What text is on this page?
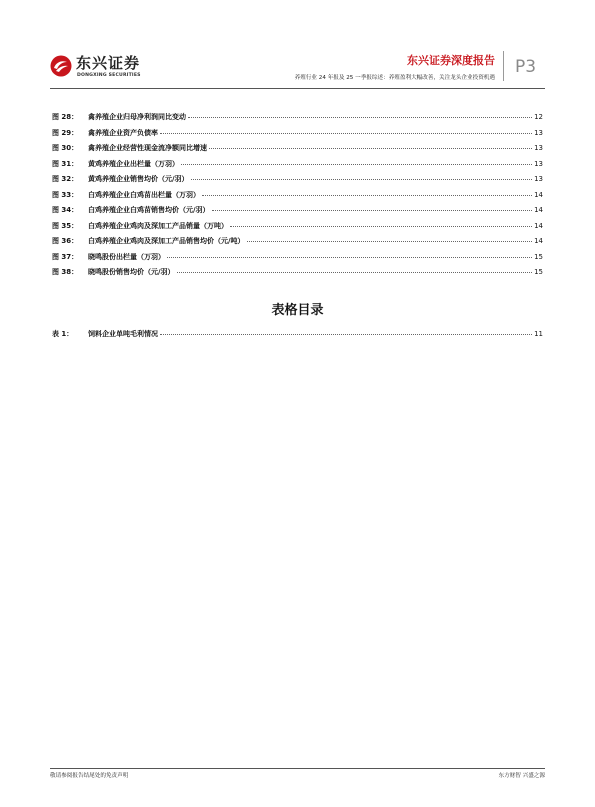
东兴证券
DONGXING SECURITIES
东兴证券深度报告 P3
养殖行业 24 年报及 25 一季报综述：养殖盈利大幅改善，关注龙头企业投资机遇
图 28：	禽养殖企业归母净利润同比变动	12
图 29：	禽养殖企业资产负债率	13
图 30：	禽养殖企业经营性现金流净额同比增速	13
图 31：	黄鸡养殖企业出栏量（万羽）	13
图 32：	黄鸡养殖企业销售均价（元/羽）	13
图 33：	白鸡养殖企业白鸡苗出栏量（万羽）	14
图 34：	白鸡养殖企业白鸡苗销售均价（元/羽）	14
图 35：	白鸡养殖企业鸡肉及深加工产品销量（万吨）	14
图 36：	白鸡养殖企业鸡肉及深加工产品销售均价（元/吨）	14
图 37：	晓鸣股份出栏量（万羽）	15
图 38：	晓鸣股份销售均价（元/羽）	15
表格目录
表 1：	饲料企业单吨毛利情况	11
敬请参阅报告结尾处的免责声明	东方财智 兴盛之源
